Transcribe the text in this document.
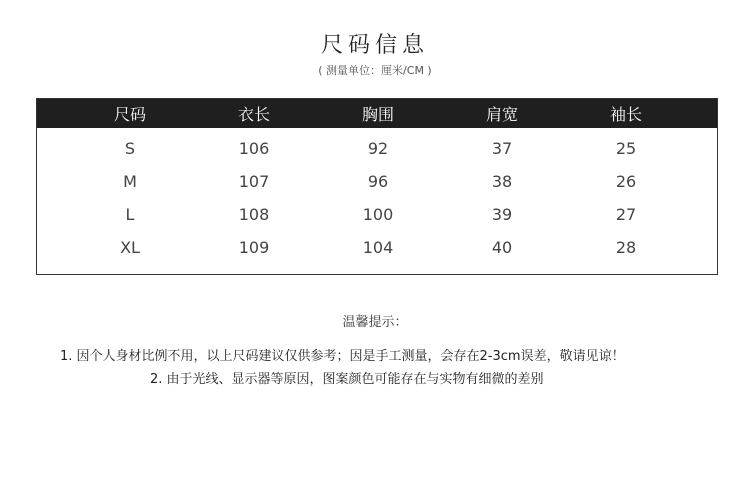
尺码信息
( 测量单位：厘米/CM )
尺码	衣长	胸围	肩宽	袖长
S	106	92	37	25
M	107	96	38	26
L	108	100	39	27
XL	109	104	40	28
温馨提示：
1. 因个人身材比例不用，以上尺码建议仅供参考；因是手工测量，会存在2-3cm误差，敬请见谅！
2. 由于光线、显示器等原因，图案颜色可能存在与实物有细微的差别
